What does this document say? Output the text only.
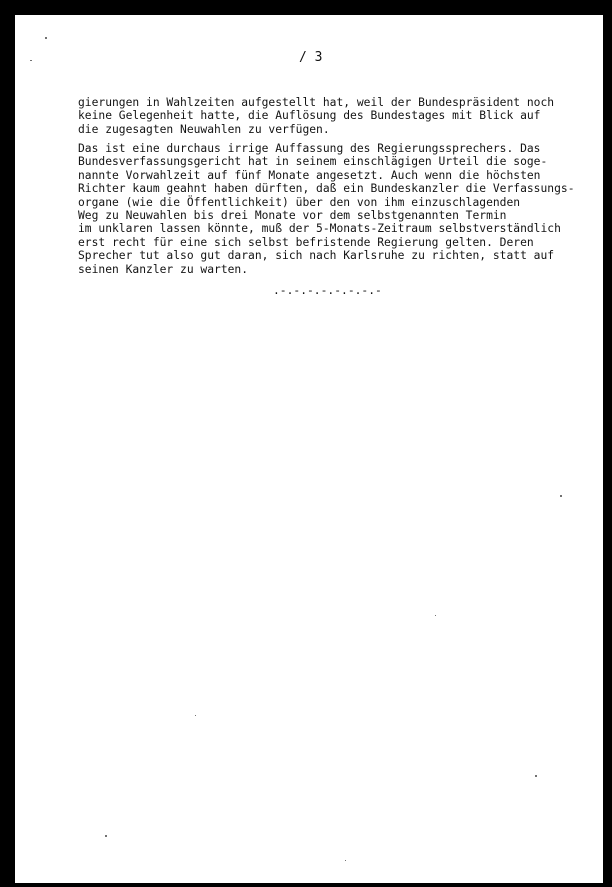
/ 3

gierungen in Wahlzeiten aufgestellt hat, weil der Bundespräsident noch
keine Gelegenheit hatte, die Auflösung des Bundestages mit Blick auf
die zugesagten Neuwahlen zu verfügen.

Das ist eine durchaus irrige Auffassung des Regierungssprechers. Das
Bundesverfassungsgericht hat in seinem einschlägigen Urteil die soge-
nannte Vorwahlzeit auf fünf Monate angesetzt. Auch wenn die höchsten
Richter kaum geahnt haben dürften, daß ein Bundeskanzler die Verfassungs-
organe (wie die Öffentlichkeit) über den von ihm einzuschlagenden
Weg zu Neuwahlen bis drei Monate vor dem selbstgenannten Termin
im unklaren lassen könnte, muß der 5-Monats-Zeitraum selbstverständlich
erst recht für eine sich selbst befristende Regierung gelten. Deren
Sprecher tut also gut daran, sich nach Karlsruhe zu richten, statt auf
seinen Kanzler zu warten.

.-.-.-.-.-.-.-.-
